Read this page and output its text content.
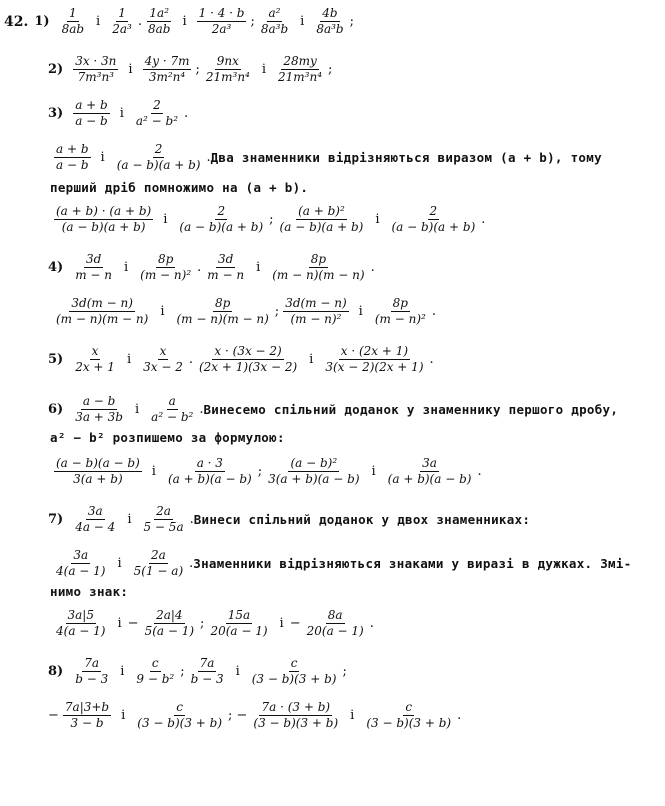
42. $1) \frac{1}{8ab}$ і $\frac{1}{\text{2a³}}$ . $\frac{\text{1a²}}{8ab}$ і $\frac{1 \cdot 4 \cdot b}{\text{2a³}}$ ; $\frac{\text{a²}}{\text{8a³b}}$ і $\frac{4b}{\text{8a³b}}$ ;
$2) \frac{3x \cdot 3n}{\text{7m³n³}}$ і $\frac{4y \cdot 7m}{\text{3m²n⁴}}$ ; $\frac{9nx}{\text{21m³n⁴}}$ і $\frac{28my}{\text{21m³n⁴}}$ ;
$3) \frac{a + b}{a - b}$ і $\frac{2}{\text{a² − b²}}$ .
$\frac{a + b}{a - b}$ і $\frac{2}{(a - b)(a + b)}$ . Два знаменники відрізняються виразом (a + b), тому
перший дріб помножимо на (a + b).
$\frac{(a + b) \cdot (a + b)}{(a - b)(a + b)}$ і $\frac{2}{(a - b)(a + b)}$ ; $\frac{\text{(a + b)²}}{(a - b)(a + b)}$ і $\frac{2}{(a - b)(a + b)}$ .
$4) \frac{3d}{m - n}$ і $\frac{8p}{\text{(m − n)²}}$ . $\frac{3d}{m - n}$ і $\frac{8p}{(m - n)(m - n)}$ .
$\frac{3d(m - n)}{(m - n)(m - n)}$ і $\frac{8p}{(m - n)(m - n)}$ ; $\frac{3d(m - n)}{\text{(m − n)²}}$ і $\frac{8p}{\text{(m − n)²}}$ .
$5) \frac{x}{2x + 1}$ і $\frac{x}{3x - 2}$ . $\frac{x \cdot (3x - 2)}{(2x + 1)(3x - 2)}$ і $\frac{x \cdot (2x + 1)}{3(x - 2)(2x + 1)}$ .
$6) \frac{a - b}{3a + 3b}$ і $\frac{a}{\text{a² − b²}}$ . Винесемо спільний доданок у знаменнику першого дробу,
a² − b² розпишемо за формулою:
$\frac{(a - b)(a - b)}{3(a + b)}$ і $\frac{a \cdot 3}{(a + b)(a - b)}$ ; $\frac{\text{(a − b)²}}{3(a + b)(a - b)}$ і $\frac{3a}{(a + b)(a - b)}$ .
$7) \frac{3a}{4a - 4}$ і $\frac{2a}{5 - 5a}$ . Винеси спільний доданок у двох знаменниках:
$\frac{3a}{4(a - 1)}$ і $\frac{2a}{5(1 - a)}$ . Знаменники відрізняються знаками у виразі в дужках. Змі-
нимо знак:
$\frac{3a|5}{4(a - 1)}$ $і - \frac{2a|4}{5(a - 1)}$ ; $\frac{15a}{20(a - 1)}$ $і - \frac{8a}{20(a - 1)}$ .
$8) \frac{7a}{b - 3}$ і $\frac{c}{\text{9 − b²}}$ ; $\frac{7a}{b - 3}$ і $\frac{c}{(3 - b)(3 + b)}$ ;
− $\frac{7a|3+b}{3 - b}$ і $\frac{c}{(3 - b)(3 + b)}$ ; − $\frac{7a \cdot (3 + b)}{(3 - b)(3 + b)}$ і $\frac{c}{(3 - b)(3 + b)}$ .
